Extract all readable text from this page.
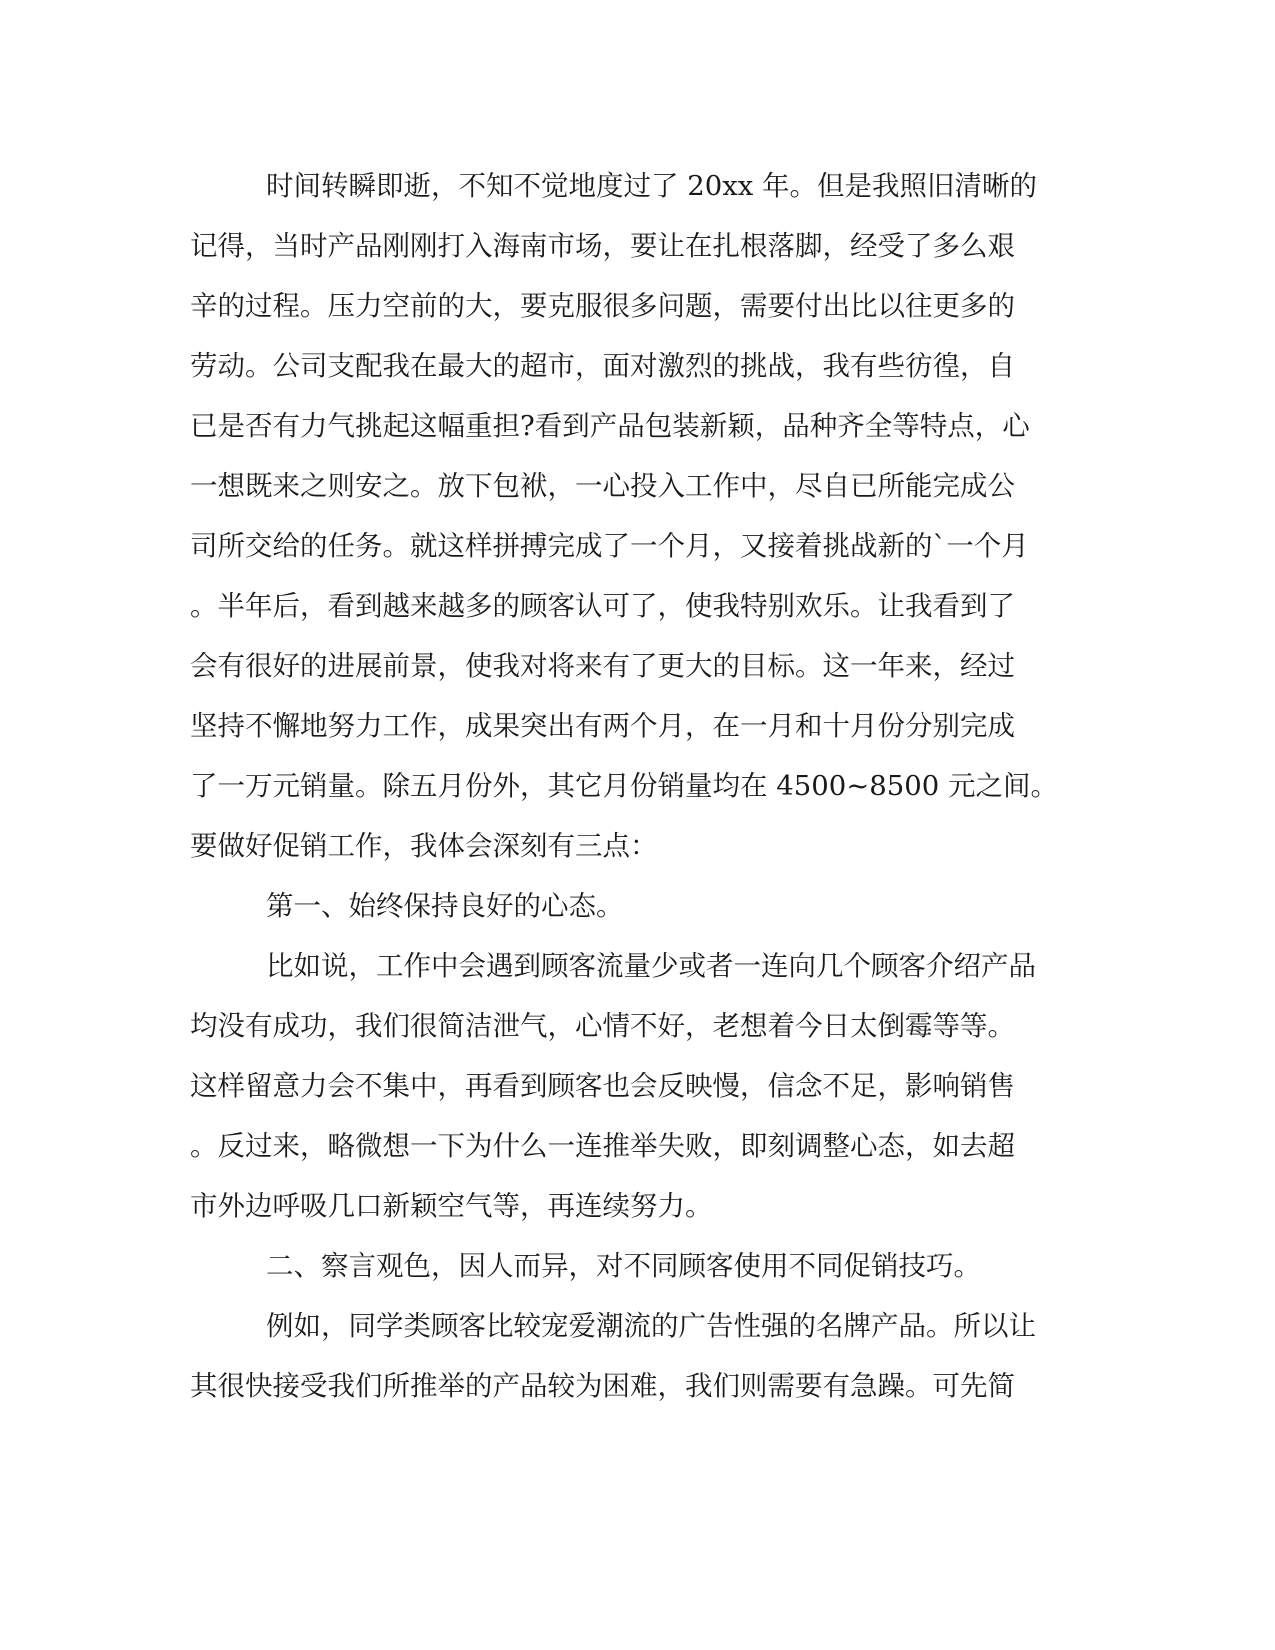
时间转瞬即逝，不知不觉地度过了 20xx 年。但是我照旧清晰的
记得，当时产品刚刚打入海南市场，要让在扎根落脚，经受了多么艰
辛的过程。压力空前的大，要克服很多问题，需要付出比以往更多的
劳动。公司支配我在最大的超市，面对激烈的挑战，我有些彷徨，自
已是否有力气挑起这幅重担?看到产品包装新颖，品种齐全等特点，心
一想既来之则安之。放下包袱，一心投入工作中，尽自已所能完成公
司所交给的任务。就这样拼搏完成了一个月，又接着挑战新的`一个月
。半年后，看到越来越多的顾客认可了，使我特别欢乐。让我看到了
会有很好的进展前景，使我对将来有了更大的目标。这一年来，经过
坚持不懈地努力工作，成果突出有两个月，在一月和十月份分别完成
了一万元销量。除五月份外，其它月份销量均在 4500~8500 元之间。
要做好促销工作，我体会深刻有三点：
第一、始终保持良好的心态。
比如说，工作中会遇到顾客流量少或者一连向几个顾客介绍产品
均没有成功，我们很简洁泄气，心情不好，老想着今日太倒霉等等。
这样留意力会不集中，再看到顾客也会反映慢，信念不足，影响销售
。反过来，略微想一下为什么一连推举失败，即刻调整心态，如去超
市外边呼吸几口新颖空气等，再连续努力。
二、察言观色，因人而异，对不同顾客使用不同促销技巧。
例如，同学类顾客比较宠爱潮流的广告性强的名牌产品。所以让
其很快接受我们所推举的产品较为困难，我们则需要有急躁。可先简
